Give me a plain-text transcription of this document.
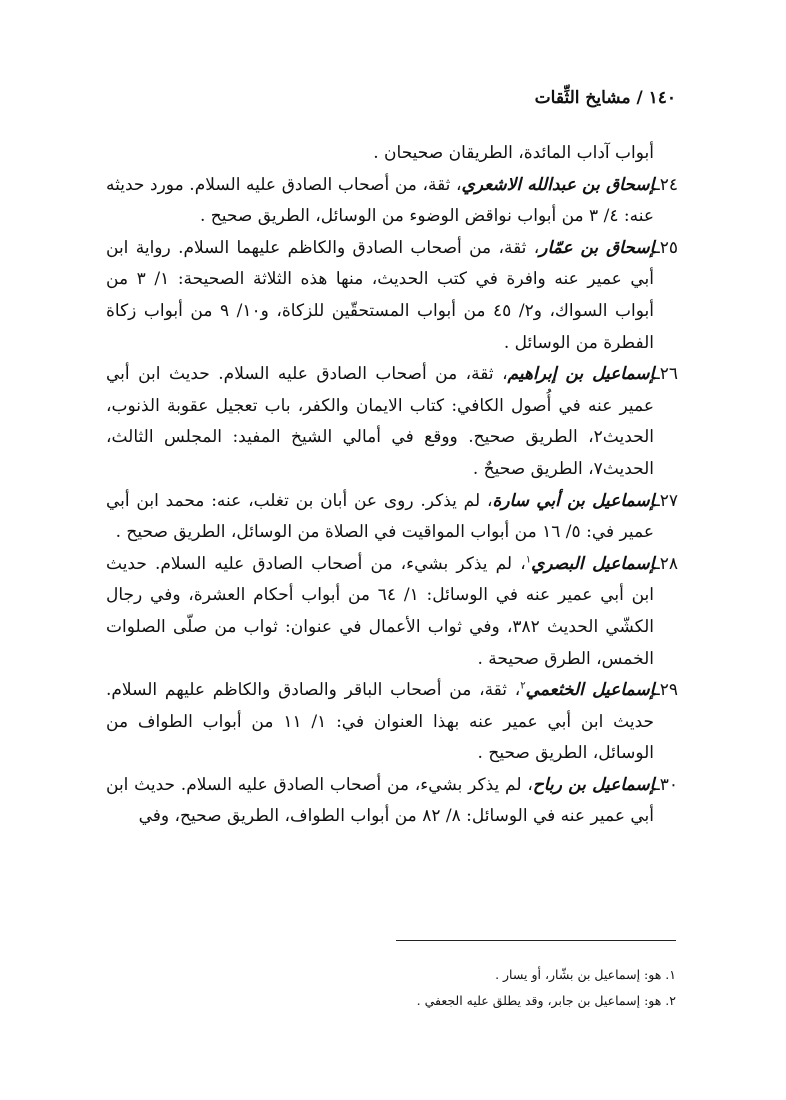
١٤٠ / مشايخ الثِّقات

أبواب آداب المائدة، الطريقان صحيحان .

٢٤ـإسحاق بن عبدالله الاشعري، ثقة، من أصحاب الصادق عليه السلام. مورد حديثه عنه: ٤/ ٣ من أبواب نواقض الوضوء من الوسائل، الطريق صحيح .

٢٥ـإسحاق بن عمّار، ثقة، من أصحاب الصادق والكاظم عليهما السلام. رواية ابن أبي عمير عنه وافرة في كتب الحديث، منها هذه الثلاثة الصحيحة: ١/ ٣ من أبواب السواك، و٢/ ٤٥ من أبواب المستحقّين للزكاة، و١٠/ ٩ من أبواب زكاة الفطرة من الوسائل .

٢٦ـإسماعيل بن إبراهيم، ثقة، من أصحاب الصادق عليه السلام. حديث ابن أبي عمير عنه في أُصول الكافي: كتاب الايمان والكفر، باب تعجيل عقوبة الذنوب، الحديث٢، الطريق صحيح. ووقع في أمالي الشيخ المفيد: المجلس الثالث، الحديث٧، الطريق صحيحٌ .

٢٧ـإسماعيل بن أبي سارة، لم يذكر. روى عن أبان بن تغلب، عنه: محمد ابن أبي عمير في: ٥/ ١٦ من أبواب المواقيت في الصلاة من الوسائل، الطريق صحيح .

٢٨ـإسماعيل البصري$^١$، لم يذكر بشيء، من أصحاب الصادق عليه السلام. حديث ابن أبي عمير عنه في الوسائل: ١/ ٦٤ من أبواب أحكام العشرة، وفي رجال الكشّي الحديث ٣٨٢، وفي ثواب الأعمال في عنوان: ثواب من صلّى الصلوات الخمس، الطرق صحيحة .

٢٩ـإسماعيل الخثعمي$^٢$، ثقة، من أصحاب الباقر والصادق والكاظم عليهم السلام. حديث ابن أبي عمير عنه بهذا العنوان في: ١/ ١١ من أبواب الطواف من الوسائل، الطريق صحيح .

٣٠ـإسماعيل بن رباح، لم يذكر بشيء، من أصحاب الصادق عليه السلام. حديث ابن أبي عمير عنه في الوسائل: ٨/ ٨٢ من أبواب الطواف، الطريق صحيح، وفي

١. هو: إسماعيل بن بشّار، أو يسار .

٢. هو: إسماعيل بن جابر، وقد يطلق عليه الجعفي .
